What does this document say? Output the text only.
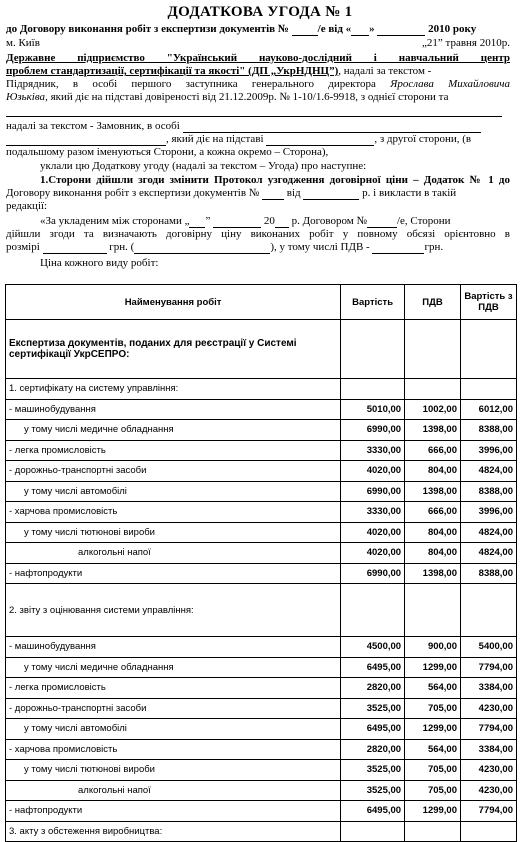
ДОДАТКОВА УГОДА № 1
до Договору виконання робіт з експертизи документів №	/е від « »	2010 року
м. Київ	„21” травня 2010р.
Державне підприємство "Український науково-дослідний і навчальний центр
проблем стандартизації, сертифікації та якості" (ДП „УкрНДНЦ”), надалі за текстом -
Підрядник, в особі першого заступника генерального директора Ярослава Михайловича
Юзьківа, який діє на підставі довіреності від 21.12.2009р. № 1-10/1.6-9918, з однієї сторони та
надалі за текстом - Замовник, в особі
, який діє на підставі	, з другої сторони, (в
подальшому разом іменуються Сторони, а кожна окремо – Сторона),
уклали цю Додаткову угоду (надалі за текстом – Угода) про наступне:
1.Сторони дійшли згоди змінити Протокол узгодження договірної ціни – Додаток № 1 до
Договору виконання робіт з експертизи документів №	від	р. і викласти в такій
редакції:
«За укладеним між сторонами „ ”	20 р. Договором №	/е, Сторони
дійшли згоди та визначають договірну ціну виконаних робіт у повному обсязі орієнтовно в
розмірі	грн. (	), у тому числі ПДВ -	грн.
Ціна кожного виду робіт:
Найменування робіт	Вартість	ПДВ	Вартість з ПДВ
Експертиза документів, поданих для реєстрації у Системі сертифікації УкрСЕПРО:			
1. сертифікату на систему управління:			
- машинобудування	5010,00	1002,00	6012,00
у тому числі медичне обладнання	6990,00	1398,00	8388,00
- легка промисловість	3330,00	666,00	3996,00
- дорожньо-транспортні засоби	4020,00	804,00	4824,00
у тому числі автомобілі	6990,00	1398,00	8388,00
- харчова промисловість	3330,00	666,00	3996,00
у тому числі тютюнові вироби	4020,00	804,00	4824,00
алкогольні напої	4020,00	804,00	4824,00
- нафтопродукти	6990,00	1398,00	8388,00
2. звіту з оцінювання системи управління:			
- машинобудування	4500,00	900,00	5400,00
у тому числі медичне обладнання	6495,00	1299,00	7794,00
- легка промисловість	2820,00	564,00	3384,00
- дорожньо-транспортні засоби	3525,00	705,00	4230,00
у тому числі автомобілі	6495,00	1299,00	7794,00
- харчова промисловість	2820,00	564,00	3384,00
у тому числі тютюнові вироби	3525,00	705,00	4230,00
алкогольні напої	3525,00	705,00	4230,00
- нафтопродукти	6495,00	1299,00	7794,00
3. акту з обстеження виробництва:			
